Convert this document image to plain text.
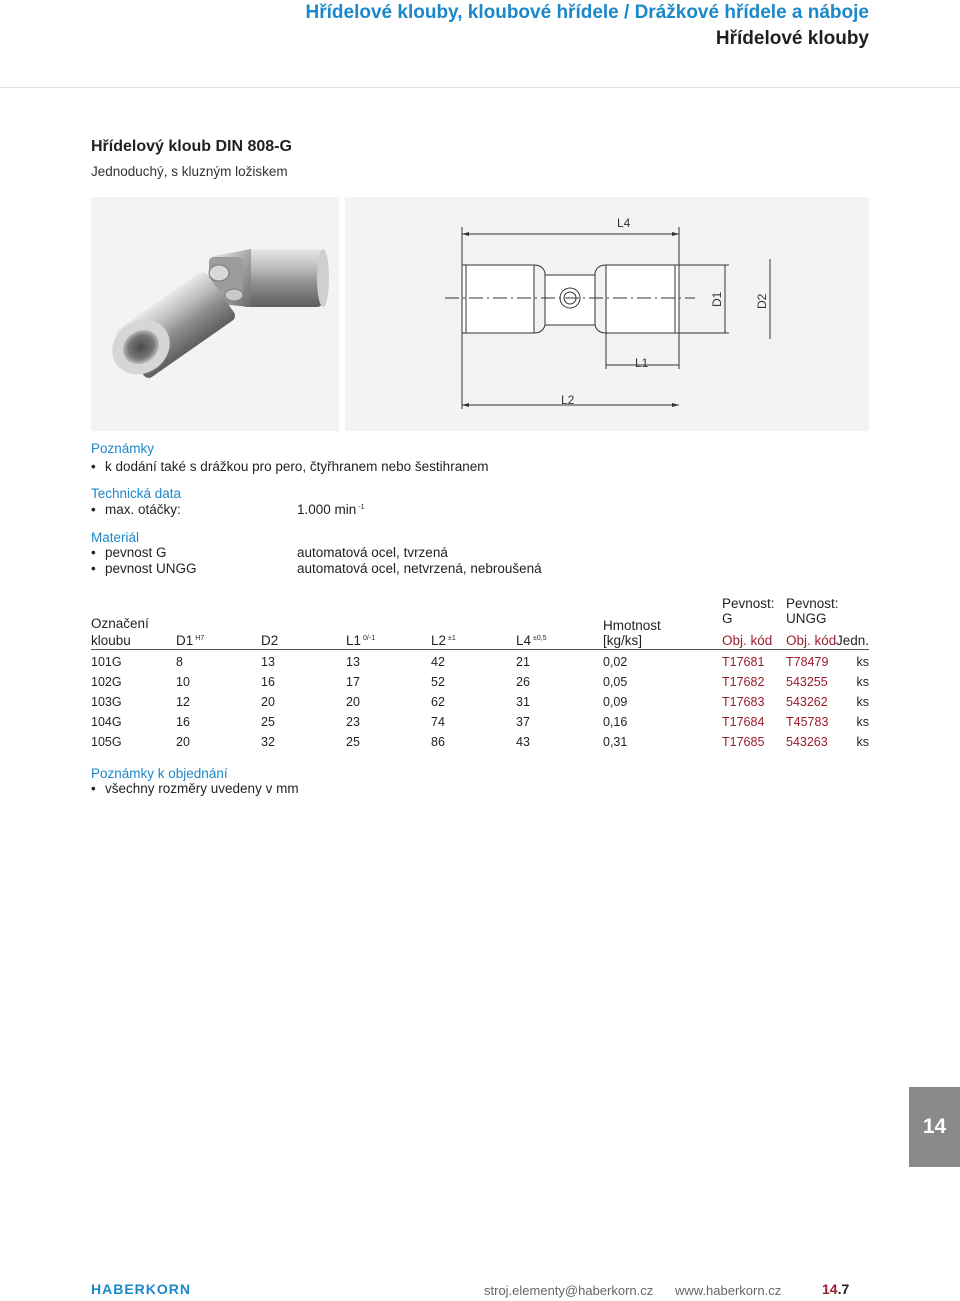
Hřídelové klouby, kloubové hřídele / Drážkové hřídele a náboje
Hřídelové klouby
Hřídelový kloub DIN 808-G
Jednoduchý, s kluzným ložiskem
L4
D1	D2
L1
L2
Poznámky
• k dodání také s drážkou pro pero, čtyřhranem nebo šestihranem
Technická data
• max. otáčky:	1.000 min $^{-1}$
Materiál
• pevnost G	automatová ocel, tvrzená
• pevnost UNGG	automatová ocel, netvrzená, nebroušená
Pevnost: Pevnost:
Označení	Hmotnost	G	UNGG
kloubu	D1 $^{H7}$	D2	L1 $^{0/-1}$	L2 $^{\pm 1}$	L4 $^{\pm 0,5}$	[kg/ks]	Obj. kód Obj. kód Jedn.
101G	8	13	13	42	21	0,02	T17681 T78479 ks
102G	10	16	17	52	26	0,05	T17682 543255 ks
103G	12	20	20	62	31	0,09	T17683 543262 ks
104G	16	25	23	74	37	0,16	T17684 T45783 ks
105G	20	32	25	86	43	0,31	T17685 543263 ks
Poznámky k objednání
• všechny rozměry uvedeny v mm
14
HABERKORN	stroj.elementy@haberkorn.cz www.haberkorn.cz	14.7
